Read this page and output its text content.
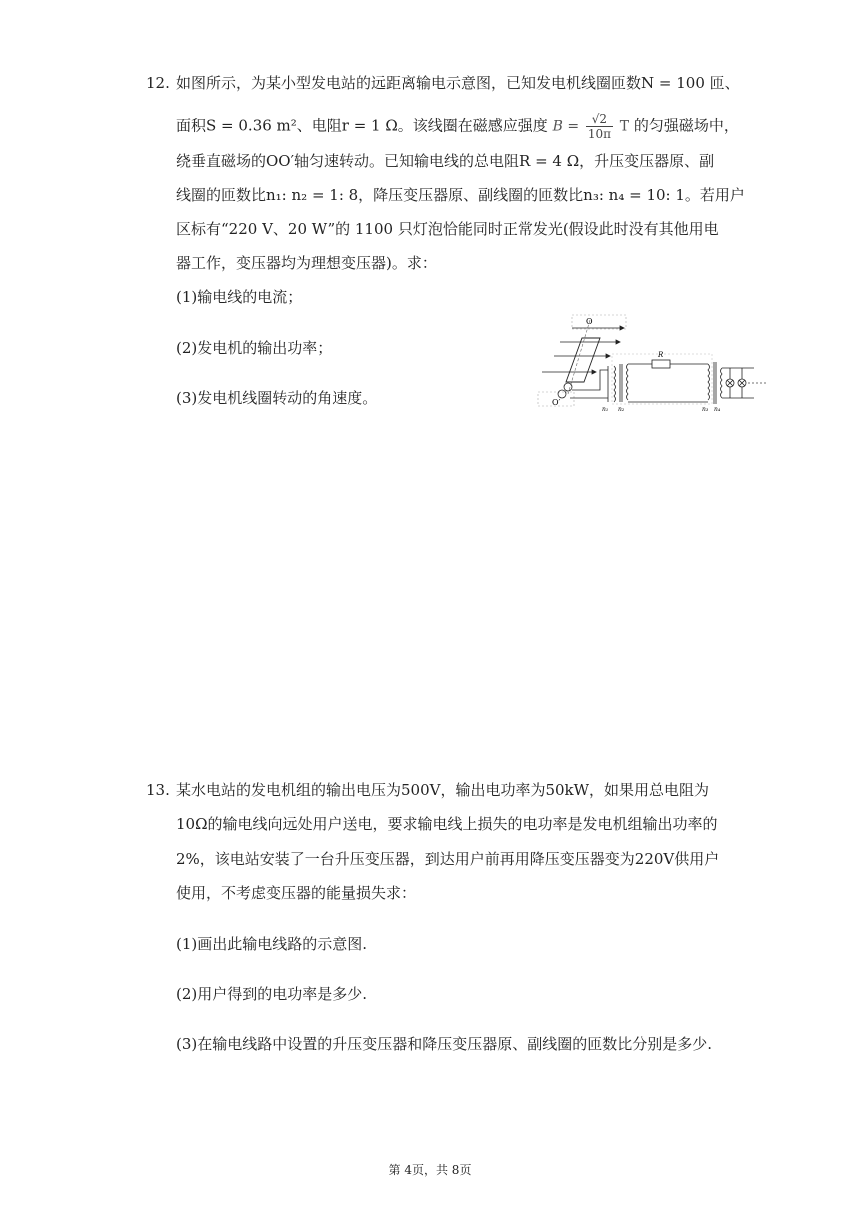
12. 如图所示，为某小型发电站的远距离输电示意图，已知发电机线圈匝数N = 100 匝、
面积S = 0.36 m²、电阻r = 1 Ω。该线圈在磁感应强度 $B = \frac{√2}{10\pi}$ T 的匀强磁场中，
绕垂直磁场的OO′轴匀速转动。已知输电线的总电阻R = 4 Ω，升压变压器原、副
线圈的匝数比n₁: n₂ = 1: 8，降压变压器原、副线圈的匝数比n₃: n₄ = 10: 1。若用户
区标有“220 V、20 W”的 1100 只灯泡恰能同时正常发光(假设此时没有其他用电
器工作，变压器均为理想变压器)。求：
(1)输电线的电流；
(2)发电机的输出功率；
(3)发电机线圈转动的角速度。
O
O′
R
n₁ n₂	n₃ n₄
13. 某水电站的发电机组的输出电压为500V，输出电功率为50kW，如果用总电阻为
10Ω的输电线向远处用户送电，要求输电线上损失的电功率是发电机组输出功率的
2%，该电站安装了一台升压变压器，到达用户前再用降压变压器变为220V供用户
使用，不考虑变压器的能量损失求：
(1)画出此输电线路的示意图.
(2)用户得到的电功率是多少.
(3)在输电线路中设置的升压变压器和降压变压器原、副线圈的匝数比分别是多少.
第 4页，共 8页
